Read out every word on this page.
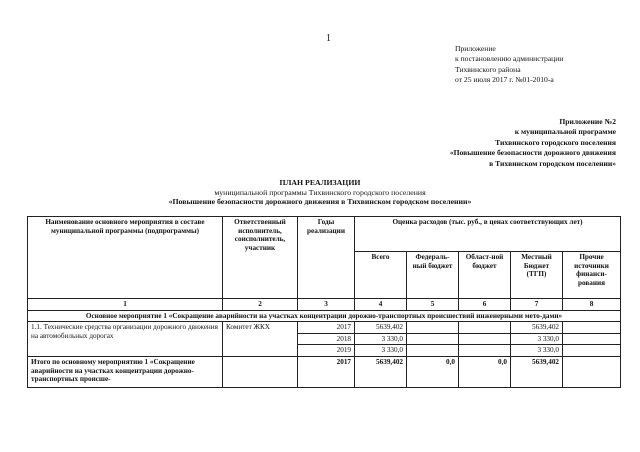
1
Приложение
к постановлению администрации
Тихвинского района
от 25 июля 2017 г. №01-2010-а
Приложение №2
к муниципальной программе
Тихвинского городского поселения
«Повышение безопасности дорожного движения
в Тихвинском городском поселении»
ПЛАН РЕАЛИЗАЦИИ
муниципальной программы Тихвинского городского поселения
«Повышение безопасности дорожного движения в Тихвинском городском поселении»
Наименование основного мероприятия в составе муниципальной программы (подпрограммы)	Ответственный исполнитель, соисполнитель, участник	Годы реализации	Оценка расходов (тыс. руб., в ценах соответствующих лет)				
			Всего	Федераль-ный бюджет	Област-ной бюджет	Местный Бюджет (ТГП)	Прочие источники финанси-рования
1	2	3	4	5	6	7	8
Основное мероприятие 1 «Сокращение аварийности на участках концентрации дорожно-транспортных происшествий инженерными мето-дами»							
1.1. Технические средства организации дорожного движения на автомобильных дорогах	Комитет ЖКХ	2017	5639,402			5639,402	
		2018	3 330,0			3 330,0	
		2019	3 330,0			3 330,0	
Итого по основному мероприятию 1 «Сокращение аварийности на участках концентрации дорожно-транспортных происше-		2017	5639,402	0,0	0,0	5639,402	
